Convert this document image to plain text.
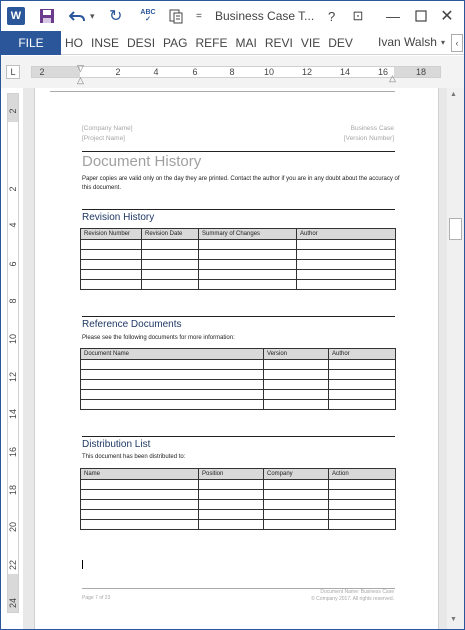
W	▾ ↻	ABC
✓	= Business Case T... ? ⊡ —	✕
FILE	HO INSE DESI PAG REFE MAI REVI VIE DEV	Ivan Walsh ▾	‹
L	2	2	4	6	8	10	12	14	16	18
▽
△	△
2
2
4
6
8
10
12
14
16
18
20
22
24
[Company Name]
[Project Name]
Business Case
[Version Number]
Document History
Paper copies are valid only on the day they are printed. Contact the author if you are in any doubt about the accuracy of this document.
Revision History
Revision Number	Revision Date	Summary of Changes	Author

Reference Documents
Please see the following documents for more information:
Document Name	Version	Author

Distribution List
This document has been distributed to:
Name	Position	Company	Action

Page 7 of 23
Document Name: Business Case
© Company 2017. All rights reserved.
▲
▼
